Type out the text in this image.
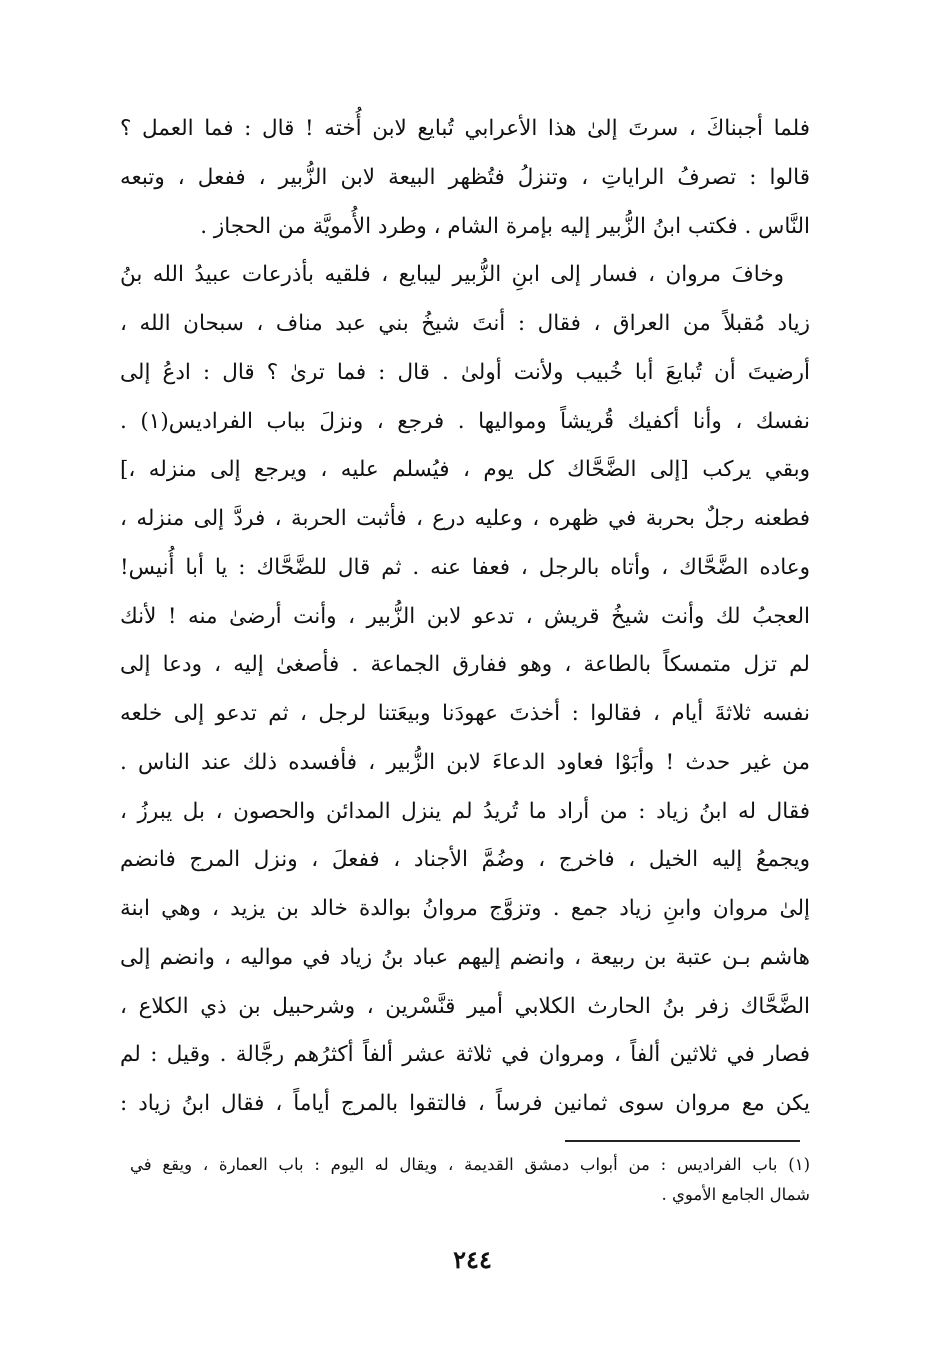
فلما أجبناكَ ، سرتَ إلىٰ هذا الأعرابي تُبايع لابن أُخته ! قال : فما العمل ؟
قالوا : تصرفُ الراياتِ ، وتنزلُ فتُظهر البيعة لابن الزُّبير ، ففعل ، وتبعه
النَّاس . فكتب ابنُ الزُّبير إليه بإمرة الشام ، وطرد الأُمويَّة من الحجاز .
وخافَ مروان ، فسار إلى ابنِ الزُّبير ليبايع ، فلقيه بأذرعات عبيدُ الله بنُ
زياد مُقبلاً من العراق ، فقال : أنتَ شيخُ بني عبد مناف ، سبحان الله ،
أرضيتَ أن تُبايعَ أبا خُبيب ولأنت أولىٰ . قال : فما ترىٰ ؟ قال : ادعُ إلى
نفسك ، وأنا أكفيك قُريشاً ومواليها . فرجع ، ونزلَ بباب الفراديس(١) .
وبقي يركب [إلى الضَّحَّاك كل يوم ، فيُسلم عليه ، ويرجع إلى منزله ،]
فطعنه رجلٌ بحربة في ظهره ، وعليه درع ، فأثبت الحربة ، فردَّ إلى منزله ،
وعاده الضَّحَّاك ، وأتاه بالرجل ، فعفا عنه . ثم قال للضَّحَّاك : يا أبا أُنيس!
العجبُ لك وأنت شيخُ قريش ، تدعو لابن الزُّبير ، وأنت أرضىٰ منه ! لأنك
لم تزل متمسكاً بالطاعة ، وهو ففارق الجماعة . فأصغىٰ إليه ، ودعا إلى
نفسه ثلاثةَ أيام ، فقالوا : أخذتَ عهودَنا وبيعَتنا لرجل ، ثم تدعو إلى خلعه
من غير حدث ! وأبَوْا فعاود الدعاءَ لابن الزُّبير ، فأفسده ذلك عند الناس .
فقال له ابنُ زياد : من أراد ما تُريدُ لم ينزل المدائن والحصون ، بل يبرزُ ،
ويجمعُ إليه الخيل ، فاخرج ، وضُمَّ الأجناد ، ففعلَ ، ونزل المرج فانضم
إلىٰ مروان وابنِ زياد جمع . وتزوَّج مروانُ بوالدة خالد بن يزيد ، وهي ابنة
هاشم بـن عتبة بن ربيعة ، وانضم إليهم عباد بنُ زياد في مواليه ، وانضم إلى
الضَّحَّاك زفر بنُ الحارث الكلابي أمير قنَّسْرين ، وشرحبيل بن ذي الكلاع ،
فصار في ثلاثين ألفاً ، ومروان في ثلاثة عشر ألفاً أكثرُهم رجَّالة . وقيل : لم
يكن مع مروان سوى ثمانين فرساً ، فالتقوا بالمرج أياماً ، فقال ابنُ زياد :
(١) باب الفراديس : من أبواب دمشق القديمة ، ويقال له اليوم : باب العمارة ، ويقع في
شمال الجامع الأموي .
٢٤٤
